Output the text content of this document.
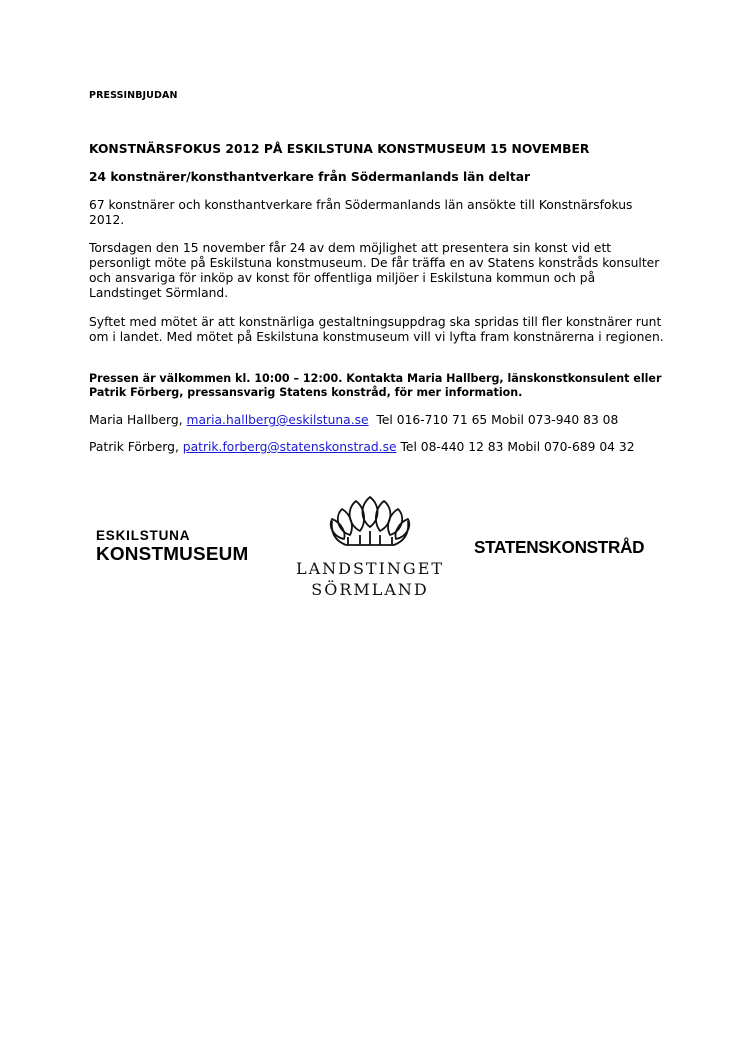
PRESSINBJUDAN
KONSTNÄRSFOKUS 2012 PÅ ESKILSTUNA KONSTMUSEUM 15 NOVEMBER
24 konstnärer/konsthantverkare från Södermanlands län deltar
67 konstnärer och konsthantverkare från Södermanlands län ansökte till Konstnärsfokus 2012.
Torsdagen den 15 november får 24 av dem möjlighet att presentera sin konst vid ett personligt möte på Eskilstuna konstmuseum. De får träffa en av Statens konstråds konsulter och ansvariga för inköp av konst för offentliga miljöer i Eskilstuna kommun och på Landstinget Sörmland.
Syftet med mötet är att konstnärliga gestaltningsuppdrag ska spridas till fler konstnärer runt om i landet. Med mötet på Eskilstuna konstmuseum vill vi lyfta fram konstnärerna i regionen.
Pressen är välkommen kl. 10:00 – 12:00. Kontakta Maria Hallberg, länskonstkonsulent eller Patrik Förberg, pressansvarig Statens konstråd, för mer information.
Maria Hallberg, maria.hallberg@eskilstuna.se Tel 016-710 71 65 Mobil 073-940 83 08
Patrik Förberg, patrik.forberg@statenskonstrad.se Tel 08-440 12 83 Mobil 070-689 04 32
ESKILSTUNA
KONSTMUSEUM
LANDSTINGET
SÖRMLAND
STATENSKONSTRÅD
